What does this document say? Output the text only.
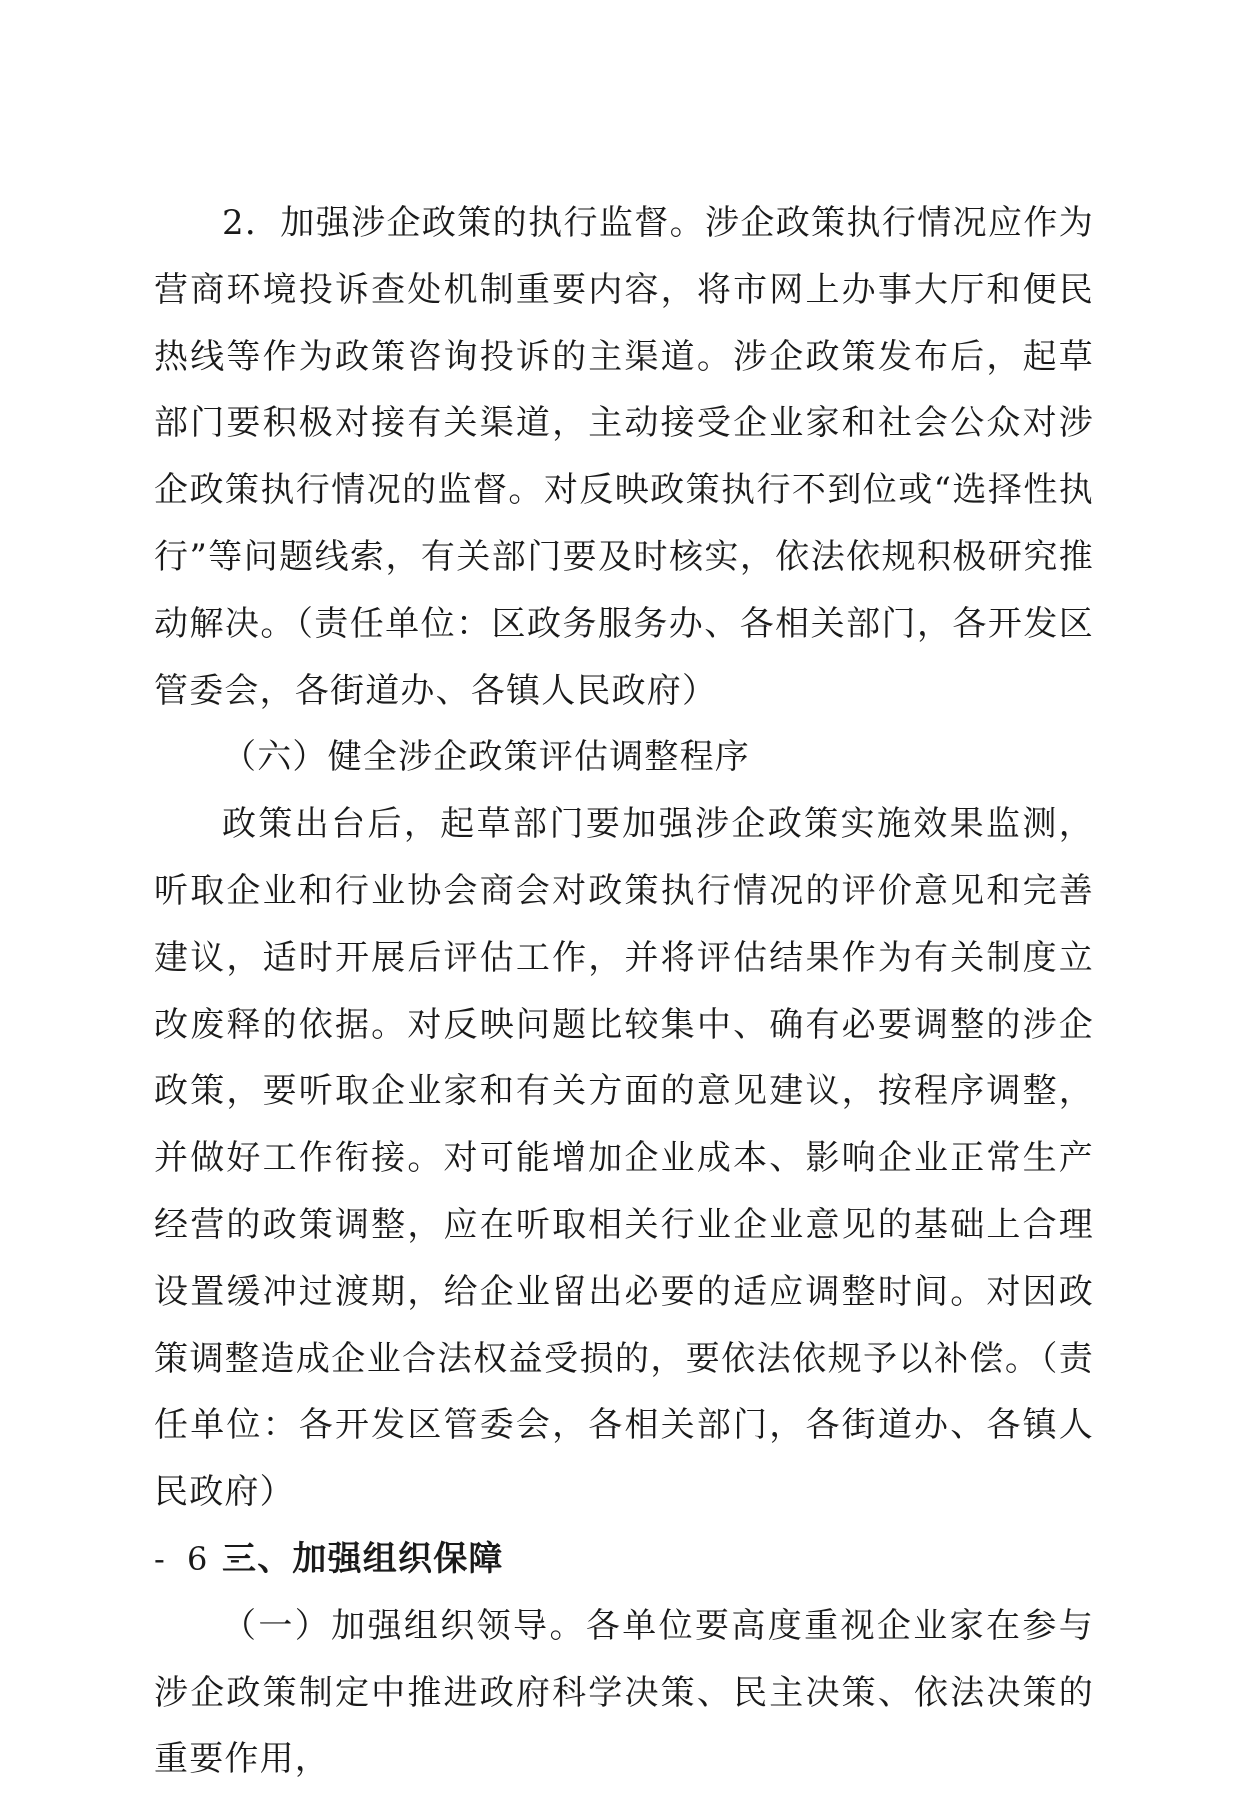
2．加强涉企政策的执行监督。涉企政策执行情况应作为营商环境投诉查处机制重要内容，将市网上办事大厅和便民热线等作为政策咨询投诉的主渠道。涉企政策发布后，起草部门要积极对接有关渠道，主动接受企业家和社会公众对涉企政策执行情况的监督。对反映政策执行不到位或“选择性执行”等问题线索，有关部门要及时核实，依法依规积极研究推动解决。（责任单位：区政务服务办、各相关部门，各开发区管委会，各街道办、各镇人民政府）

（六）健全涉企政策评估调整程序

政策出台后，起草部门要加强涉企政策实施效果监测，听取企业和行业协会商会对政策执行情况的评价意见和完善建议，适时开展后评估工作，并将评估结果作为有关制度立改废释的依据。对反映问题比较集中、确有必要调整的涉企政策，要听取企业家和有关方面的意见建议，按程序调整，并做好工作衔接。对可能增加企业成本、影响企业正常生产经营的政策调整，应在听取相关行业企业意见的基础上合理设置缓冲过渡期，给企业留出必要的适应调整时间。对因政策调整造成企业合法权益受损的，要依法依规予以补偿。（责任单位：各开发区管委会，各相关部门，各街道办、各镇人民政府）

三、加强组织保障

（一）加强组织领导。各单位要高度重视企业家在参与涉企政策制定中推进政府科学决策、民主决策、依法决策的重要作用，

- 6 -
